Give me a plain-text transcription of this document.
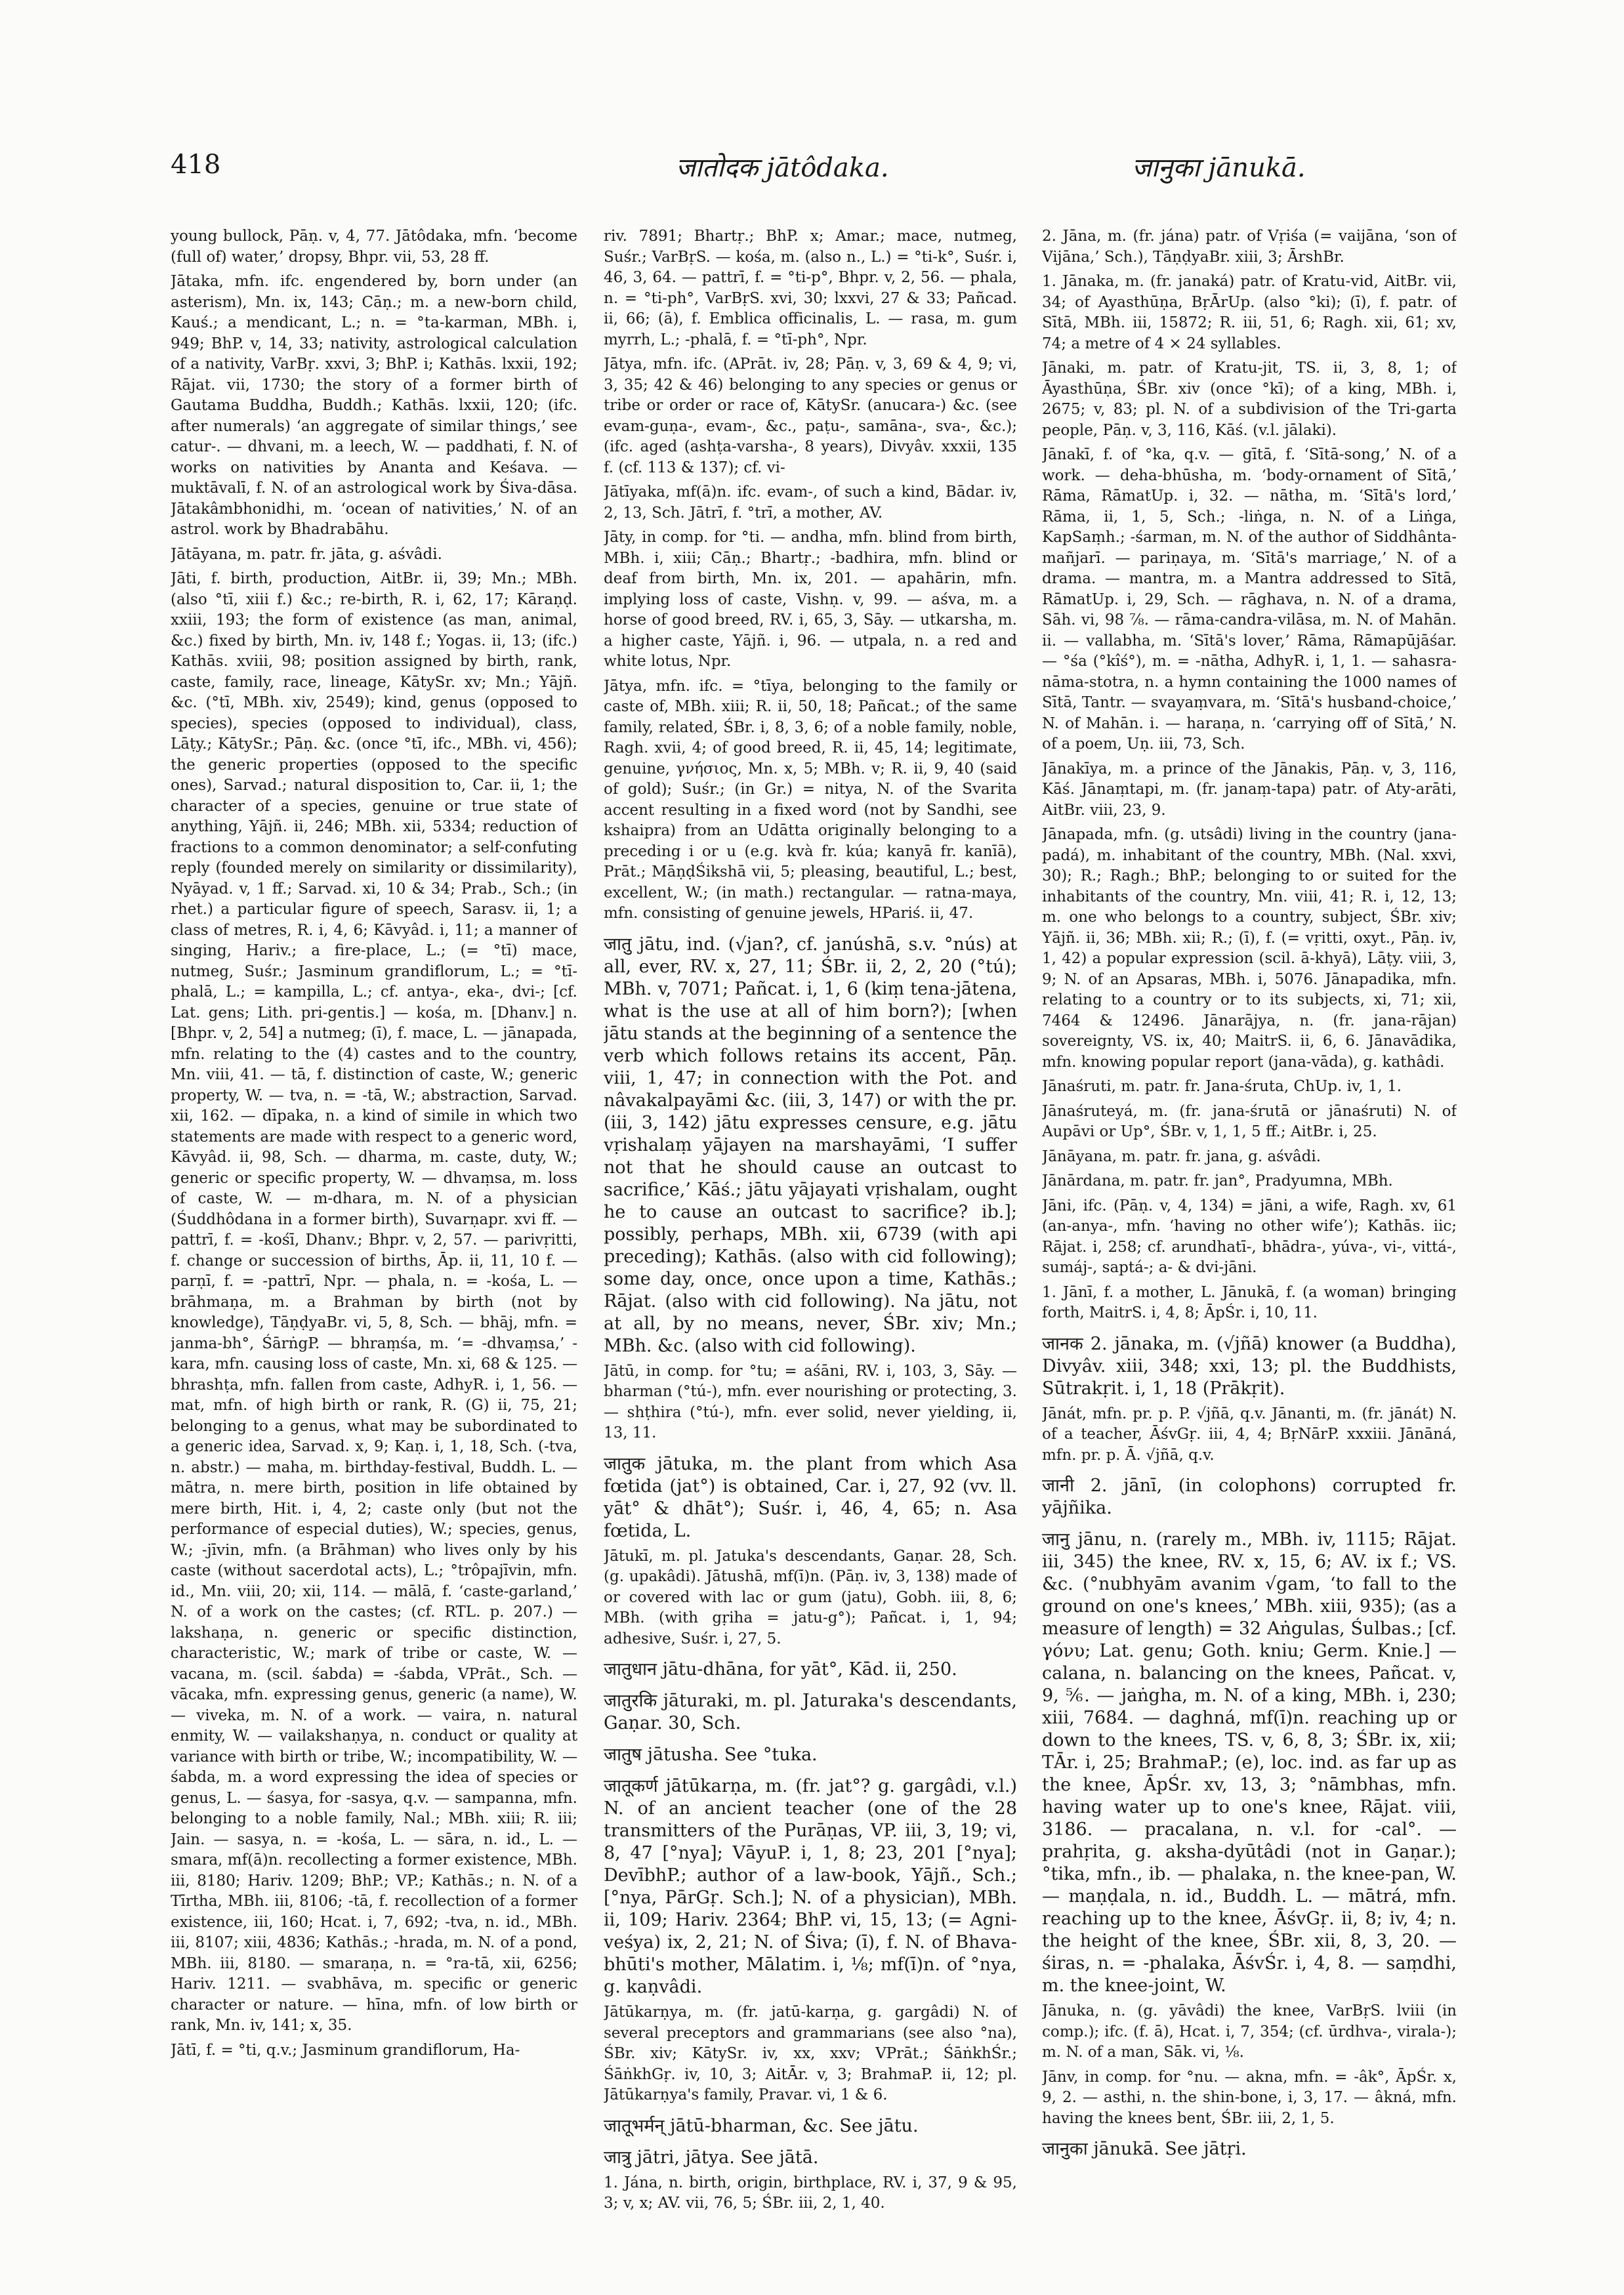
418	जातोदक jātôdaka.	जानुका jānukā.

young bullock, Pāṇ. v, 4, 77. Jātôdaka, mfn. ‘become (full of) water,’ dropsy, Bhpr. vii, 53, 28 ff.

Jātaka, mfn. ifc. engendered by, born under (an asterism), Mn. ix, 143; Cāṇ.; m. a new-born child, Kauś.; a mendicant, L.; n. = °ta-karman, MBh. i, 949; BhP. v, 14, 33; nativity, astrological calculation of a nativity, VarBṛ. xxvi, 3; BhP. i; Kathās. lxxii, 192; Rājat. vii, 1730; the story of a former birth of Gautama Buddha, Buddh.; Kathās. lxxii, 120; (ifc. after numerals) ‘an aggregate of similar things,’ see catur-. — dhvani, m. a leech, W. — paddhati, f. N. of works on nativities by Ananta and Keśava. — muktāvalī, f. N. of an astrological work by Śiva-dāsa. Jātakâmbhonidhi, m. ‘ocean of nativities,’ N. of an astrol. work by Bhadrabāhu.

Jātāyana, m. patr. fr. jāta, g. aśvâdi.

Jāti, f. birth, production, AitBr. ii, 39; Mn.; MBh. (also °tī, xiii f.) &c.; re-birth, R. i, 62, 17; Kāraṇḍ. xxiii, 193; the form of existence (as man, animal, &c.) fixed by birth, Mn. iv, 148 f.; Yogas. ii, 13; (ifc.) Kathās. xviii, 98; position assigned by birth, rank, caste, family, race, lineage, KātySr. xv; Mn.; Yājñ. &c. (°tī, MBh. xiv, 2549); kind, genus (opposed to species), species (opposed to individual), class, Lāṭy.; KātySr.; Pāṇ. &c. (once °tī, ifc., MBh. vi, 456); the generic properties (opposed to the specific ones), Sarvad.; natural disposition to, Car. ii, 1; the character of a species, genuine or true state of anything, Yājñ. ii, 246; MBh. xii, 5334; reduction of fractions to a common denominator; a self-confuting reply (founded merely on similarity or dissimilarity), Nyāyad. v, 1 ff.; Sarvad. xi, 10 & 34; Prab., Sch.; (in rhet.) a particular figure of speech, Sarasv. ii, 1; a class of metres, R. i, 4, 6; Kāvyâd. i, 11; a manner of singing, Hariv.; a fire-place, L.; (= °tī) mace, nutmeg, Suśr.; Jasminum grandiflorum, L.; = °tī-phalā, L.; = kampilla, L.; cf. antya-, eka-, dvi-; [cf. Lat. gens; Lith. pri-gentis.] — kośa, m. [Dhanv.] n. [Bhpr. v, 2, 54] a nutmeg; (ī), f. mace, L. — jānapada, mfn. relating to the (4) castes and to the country, Mn. viii, 41. — tā, f. distinction of caste, W.; generic property, W. — tva, n. = -tā, W.; abstraction, Sarvad. xii, 162. — dīpaka, n. a kind of simile in which two statements are made with respect to a generic word, Kāvyâd. ii, 98, Sch. — dharma, m. caste, duty, W.; generic or specific property, W. — dhvaṃsa, m. loss of caste, W. — m-dhara, m. N. of a physician (Śuddhôdana in a former birth), Suvarṇapr. xvi ff. — pattrī, f. = -kośī, Dhanv.; Bhpr. v, 2, 57. — parivṛitti, f. change or succession of births, Āp. ii, 11, 10 f. — parṇī, f. = -pattrī, Npr. — phala, n. = -kośa, L. — brāhmaṇa, m. a Brahman by birth (not by knowledge), TāṇḍyaBr. vi, 5, 8, Sch. — bhāj, mfn. = janma-bh°, ŚārṅgP. — bhraṃśa, m. ‘= -dhvaṃsa,’ -kara, mfn. causing loss of caste, Mn. xi, 68 & 125. — bhrashṭa, mfn. fallen from caste, AdhyR. i, 1, 56. — mat, mfn. of high birth or rank, R. (G) ii, 75, 21; belonging to a genus, what may be subordinated to a generic idea, Sarvad. x, 9; Kaṇ. i, 1, 18, Sch. (-tva, n. abstr.) — maha, m. birthday-festival, Buddh. L. — mātra, n. mere birth, position in life obtained by mere birth, Hit. i, 4, 2; caste only (but not the performance of especial duties), W.; species, genus, W.; -jīvin, mfn. (a Brāhman) who lives only by his caste (without sacerdotal acts), L.; °trôpajīvin, mfn. id., Mn. viii, 20; xii, 114. — mālā, f. ‘caste-garland,’ N. of a work on the castes; (cf. RTL. p. 207.) — lakshaṇa, n. generic or specific distinction, characteristic, W.; mark of tribe or caste, W. — vacana, m. (scil. śabda) = -śabda, VPrāt., Sch. — vācaka, mfn. expressing genus, generic (a name), W. — viveka, m. N. of a work. — vaira, n. natural enmity, W. — vailakshaṇya, n. conduct or quality at variance with birth or tribe, W.; incompatibility, W. — śabda, m. a word expressing the idea of species or genus, L. — śasya, for -sasya, q.v. — sampanna, mfn. belonging to a noble family, Nal.; MBh. xiii; R. iii; Jain. — sasya, n. = -kośa, L. — sāra, n. id., L. — smara, mf(ā)n. recollecting a former existence, MBh. iii, 8180; Hariv. 1209; BhP.; VP.; Kathās.; n. N. of a Tīrtha, MBh. iii, 8106; -tā, f. recollection of a former existence, iii, 160; Hcat. i, 7, 692; -tva, n. id., MBh. iii, 8107; xiii, 4836; Kathās.; -hrada, m. N. of a pond, MBh. iii, 8180. — smaraṇa, n. = °ra-tā, xii, 6256; Hariv. 1211. — svabhāva, m. specific or generic character or nature. — hīna, mfn. of low birth or rank, Mn. iv, 141; x, 35.

Jātī, f. = °ti, q.v.; Jasminum grandiflorum, Ha-

riv. 7891; Bhartṛ.; BhP. x; Amar.; mace, nutmeg, Suśr.; VarBṛS. — kośa, m. (also n., L.) = °ti-k°, Suśr. i, 46, 3, 64. — pattrī, f. = °ti-p°, Bhpr. v, 2, 56. — phala, n. = °ti-ph°, VarBṛS. xvi, 30; lxxvi, 27 & 33; Pañcad. ii, 66; (ā), f. Emblica officinalis, L. — rasa, m. gum myrrh, L.; -phalā, f. = °tī-ph°, Npr.

Jātya, mfn. ifc. (APrāt. iv, 28; Pāṇ. v, 3, 69 & 4, 9; vi, 3, 35; 42 & 46) belonging to any species or genus or tribe or order or race of, KātySr. (anucara-) &c. (see evam-guṇa-, evam-, &c., paṭu-, samāna-, sva-, &c.); (ifc. aged (ashṭa-varsha-, 8 years), Divyâv. xxxii, 135 f. (cf. 113 & 137); cf. vi-

Jātīyaka, mf(ā)n. ifc. evam-, of such a kind, Bādar. iv, 2, 13, Sch. Jātrī, f. °trī, a mother, AV.

Jāty, in comp. for °ti. — andha, mfn. blind from birth, MBh. i, xiii; Cāṇ.; Bhartṛ.; -badhira, mfn. blind or deaf from birth, Mn. ix, 201. — apahārin, mfn. implying loss of caste, Vishṇ. v, 99. — aśva, m. a horse of good breed, RV. i, 65, 3, Sāy. — utkarsha, m. a higher caste, Yājñ. i, 96. — utpala, n. a red and white lotus, Npr.

Jātya, mfn. ifc. = °tīya, belonging to the family or caste of, MBh. xiii; R. ii, 50, 18; Pañcat.; of the same family, related, ŚBr. i, 8, 3, 6; of a noble family, noble, Ragh. xvii, 4; of good breed, R. ii, 45, 14; legitimate, genuine, γνήσιος, Mn. x, 5; MBh. v; R. ii, 9, 40 (said of gold); Suśr.; (in Gr.) = nitya, N. of the Svarita accent resulting in a fixed word (not by Sandhi, see kshaipra) from an Udātta originally belonging to a preceding i or u (e.g. kvà fr. kúa; kanyā fr. kanīā), Prāt.; MāṇḍŚikshā vii, 5; pleasing, beautiful, L.; best, excellent, W.; (in math.) rectangular. — ratna-maya, mfn. consisting of genuine jewels, HPariś. ii, 47.

जातु jātu, ind. (√jan?, cf. janúshā, s.v. °nús) at all, ever, RV. x, 27, 11; ŚBr. ii, 2, 2, 20 (°tú); MBh. v, 7071; Pañcat. i, 1, 6 (kiṃ tena-jātena, what is the use at all of him born?); [when jātu stands at the beginning of a sentence the verb which follows retains its accent, Pāṇ. viii, 1, 47; in connection with the Pot. and nâvakalpayāmi &c. (iii, 3, 147) or with the pr. (iii, 3, 142) jātu expresses censure, e.g. jātu vṛishalaṃ yājayen na marshayāmi, ‘I suffer not that he should cause an outcast to sacrifice,’ Kāś.; jātu yājayati vṛishalam, ought he to cause an outcast to sacrifice? ib.]; possibly, perhaps, MBh. xii, 6739 (with api preceding); Kathās. (also with cid following); some day, once, once upon a time, Kathās.; Rājat. (also with cid following). Na jātu, not at all, by no means, never, ŚBr. xiv; Mn.; MBh. &c. (also with cid following).

Jātū, in comp. for °tu; = aśāni, RV. i, 103, 3, Sāy. — bharman (°tú-), mfn. ever nourishing or protecting, 3. — shṭhira (°tú-), mfn. ever solid, never yielding, ii, 13, 11.

जातुक jātuka, m. the plant from which Asa fœtida (jat°) is obtained, Car. i, 27, 92 (vv. ll. yāt° & dhāt°); Suśr. i, 46, 4, 65; n. Asa fœtida, L.

Jātukī, m. pl. Jatuka's descendants, Gaṇar. 28, Sch. (g. upakâdi). Jātushā, mf(ī)n. (Pāṇ. iv, 3, 138) made of or covered with lac or gum (jatu), Gobh. iii, 8, 6; MBh. (with gṛiha = jatu-g°); Pañcat. i, 1, 94; adhesive, Suśr. i, 27, 5.

जातुधान jātu-dhāna, for yāt°, Kād. ii, 250.

जातुरकि jāturaki, m. pl. Jaturaka's descendants, Gaṇar. 30, Sch.

जातुष jātusha. See °tuka.

जातूकर्ण jātūkarṇa, m. (fr. jat°? g. gargâdi, v.l.) N. of an ancient teacher (one of the 28 transmitters of the Purāṇas, VP. iii, 3, 19; vi, 8, 47 [°nya]; VāyuP. i, 1, 8; 23, 201 [°nya]; DevībhP.; author of a law-book, Yājñ., Sch.; [°nya, PārGṛ. Sch.]; N. of a physician), MBh. ii, 109; Hariv. 2364; BhP. vi, 15, 13; (= Agni-veśya) ix, 2, 21; N. of Śiva; (ī), f. N. of Bhava-bhūti's mother, Mālatim. i, ⅛; mf(ī)n. of °nya, g. kaṇvâdi.

Jātūkarṇya, m. (fr. jatū-karṇa, g. gargâdi) N. of several preceptors and grammarians (see also °na), ŚBr. xiv; KātySr. iv, xx, xxv; VPrāt.; ŚāṅkhŚr.; ŚāṅkhGṛ. iv, 10, 3; AitĀr. v, 3; BrahmaP. ii, 12; pl. Jātūkarṇya's family, Pravar. vi, 1 & 6.

जातूभर्मन् jātū-bharman, &c. See jātu.

जात्रु jātri, jātya. See jātā.

1. Jána, n. birth, origin, birthplace, RV. i, 37, 9 & 95, 3; v, x; AV. vii, 76, 5; ŚBr. iii, 2, 1, 40.

2. Jāna, m. (fr. jána) patr. of Vṛiśa (= vaijāna, ‘son of Vijāna,’ Sch.), TāṇḍyaBr. xiii, 3; ĀrshBr.

1. Jānaka, m. (fr. janaká) patr. of Kratu-vid, AitBr. vii, 34; of Ayasthūṇa, BṛĀrUp. (also °ki); (ī), f. patr. of Sītā, MBh. iii, 15872; R. iii, 51, 6; Ragh. xii, 61; xv, 74; a metre of 4 × 24 syllables.

Jānaki, m. patr. of Kratu-jit, TS. ii, 3, 8, 1; of Āyasthūṇa, ŚBr. xiv (once °kī); of a king, MBh. i, 2675; v, 83; pl. N. of a subdivision of the Tri-garta people, Pāṇ. v, 3, 116, Kāś. (v.l. jālaki).

Jānakī, f. of °ka, q.v. — gītā, f. ‘Sītā-song,’ N. of a work. — deha-bhūsha, m. ‘body-ornament of Sītā,’ Rāma, RāmatUp. i, 32. — nātha, m. ‘Sītā's lord,’ Rāma, ii, 1, 5, Sch.; -liṅga, n. N. of a Liṅga, KapSaṃh.; -śarman, m. N. of the author of Siddhânta-mañjarī. — pariṇaya, m. ‘Sītā's marriage,’ N. of a drama. — mantra, m. a Mantra addressed to Sītā, RāmatUp. i, 29, Sch. — rāghava, n. N. of a drama, Sāh. vi, 98 ⅞. — rāma-candra-vilāsa, m. N. of Mahān. ii. — vallabha, m. ‘Sītā's lover,’ Rāma, Rāmapūjāśar. — °śa (°kîś°), m. = -nātha, AdhyR. i, 1, 1. — sahasra-nāma-stotra, n. a hymn containing the 1000 names of Sītā, Tantr. — svayaṃvara, m. ‘Sītā's husband-choice,’ N. of Mahān. i. — haraṇa, n. ‘carrying off of Sītā,’ N. of a poem, Uṇ. iii, 73, Sch.

Jānakīya, m. a prince of the Jānakis, Pāṇ. v, 3, 116, Kāś. Jānaṃtapi, m. (fr. janaṃ-tapa) patr. of Aty-arāti, AitBr. viii, 23, 9.

Jānapada, mfn. (g. utsâdi) living in the country (jana-padá), m. inhabitant of the country, MBh. (Nal. xxvi, 30); R.; Ragh.; BhP.; belonging to or suited for the inhabitants of the country, Mn. viii, 41; R. i, 12, 13; m. one who belongs to a country, subject, ŚBr. xiv; Yājñ. ii, 36; MBh. xii; R.; (ī), f. (= vṛitti, oxyt., Pāṇ. iv, 1, 42) a popular expression (scil. ā-khyā), Lāṭy. viii, 3, 9; N. of an Apsaras, MBh. i, 5076. Jānapadika, mfn. relating to a country or to its subjects, xi, 71; xii, 7464 & 12496. Jānarājya, n. (fr. jana-rājan) sovereignty, VS. ix, 40; MaitrS. ii, 6, 6. Jānavādika, mfn. knowing popular report (jana-vāda), g. kathâdi.

Jānaśruti, m. patr. fr. Jana-śruta, ChUp. iv, 1, 1.

Jānaśruteyá, m. (fr. jana-śrutā or jānaśruti) N. of Aupāvi or Up°, ŚBr. v, 1, 1, 5 ff.; AitBr. i, 25.

Jānāyana, m. patr. fr. jana, g. aśvâdi.

Jānārdana, m. patr. fr. jan°, Pradyumna, MBh.

Jāni, ifc. (Pāṇ. v, 4, 134) = jāni, a wife, Ragh. xv, 61 (an-anya-, mfn. ‘having no other wife’); Kathās. iic; Rājat. i, 258; cf. arundhatī-, bhādra-, yúva-, vi-, vittá-, sumáj-, saptá-; a- & dvi-jāni.

1. Jānī, f. a mother, L. Jānukā, f. (a woman) bringing forth, MaitrS. i, 4, 8; ĀpŚr. i, 10, 11.

जानक 2. jānaka, m. (√jñā) knower (a Buddha), Divyâv. xiii, 348; xxi, 13; pl. the Buddhists, Sūtrakṛit. i, 1, 18 (Prākṛit).

Jānát, mfn. pr. p. P. √jñā, q.v. Jānanti, m. (fr. jānát) N. of a teacher, ĀśvGṛ. iii, 4, 4; BṛNārP. xxxiii. Jānāná, mfn. pr. p. Ā. √jñā, q.v.

जानी 2. jānī, (in colophons) corrupted fr. yājñika.

जानु jānu, n. (rarely m., MBh. iv, 1115; Rājat. iii, 345) the knee, RV. x, 15, 6; AV. ix f.; VS. &c. (°nubhyām avanim √gam, ‘to fall to the ground on one's knees,’ MBh. xiii, 935); (as a measure of length) = 32 Aṅgulas, Śulbas.; [cf. γόνυ; Lat. genu; Goth. kniu; Germ. Knie.] — calana, n. balancing on the knees, Pañcat. v, 9, ⅚. — jaṅgha, m. N. of a king, MBh. i, 230; xiii, 7684. — daghná, mf(ī)n. reaching up or down to the knees, TS. v, 6, 8, 3; ŚBr. ix, xii; TĀr. i, 25; BrahmaP.; (e), loc. ind. as far up as the knee, ĀpŚr. xv, 13, 3; °nāmbhas, mfn. having water up to one's knee, Rājat. viii, 3186. — pracalana, n. v.l. for -cal°. — prahṛita, g. aksha-dyūtâdi (not in Gaṇar.); °tika, mfn., ib. — phalaka, n. the knee-pan, W. — maṇḍala, n. id., Buddh. L. — mātrá, mfn. reaching up to the knee, ĀśvGṛ. ii, 8; iv, 4; n. the height of the knee, ŚBr. xii, 8, 3, 20. — śiras, n. = -phalaka, ĀśvŚr. i, 4, 8. — saṃdhi, m. the knee-joint, W.

Jānuka, n. (g. yāvâdi) the knee, VarBṛS. lviii (in comp.); ifc. (f. ā), Hcat. i, 7, 354; (cf. ūrdhva-, virala-); m. N. of a man, Sāk. vi, ⅛.

Jānv, in comp. for °nu. — akna, mfn. = -âk°, ĀpŚr. x, 9, 2. — asthi, n. the shin-bone, i, 3, 17. — âkná, mfn. having the knees bent, ŚBr. iii, 2, 1, 5.

जानुका jānukā. See jātṛi.
